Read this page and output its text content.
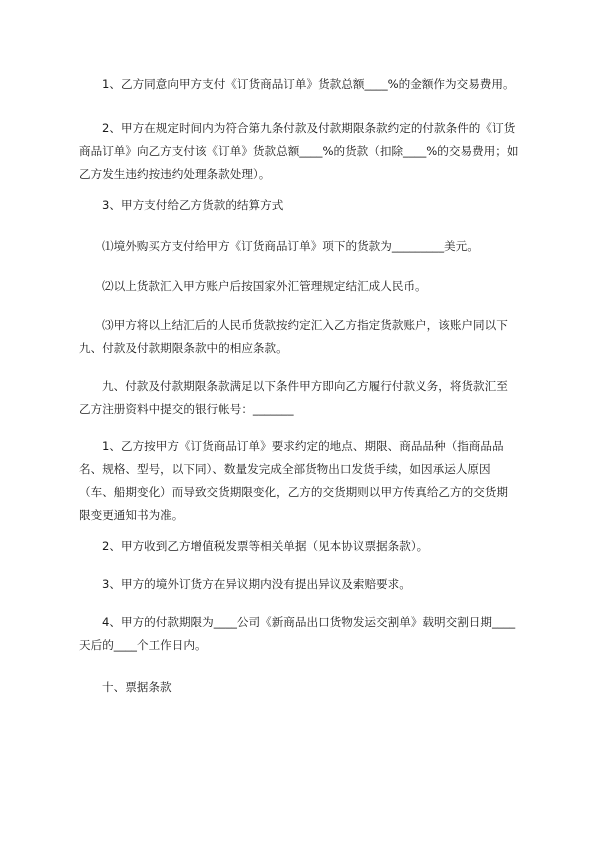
1、乙方同意向甲方支付《订货商品订单》货款总额____%的金额作为交易费用。

2、甲方在规定时间内为符合第九条付款及付款期限条款约定的付款条件的《订货商品订单》向乙方支付该《订单》货款总额____%的货款（扣除____%的交易费用；如乙方发生违约按违约处理条款处理）。

3、甲方支付给乙方货款的结算方式

⑴境外购买方支付给甲方《订货商品订单》项下的货款为_________美元。

⑵以上货款汇入甲方账户后按国家外汇管理规定结汇成人民币。

⑶甲方将以上结汇后的人民币货款按约定汇入乙方指定货款账户，该账户同以下九、付款及付款期限条款中的相应条款。

九、付款及付款期限条款满足以下条件甲方即向乙方履行付款义务，将货款汇至乙方注册资料中提交的银行帐号：_______

1、乙方按甲方《订货商品订单》要求约定的地点、期限、商品品种（指商品品名、规格、型号，以下同）、数量发完成全部货物出口发货手续，如因承运人原因（车、船期变化）而导致交货期限变化，乙方的交货期则以甲方传真给乙方的交货期限变更通知书为准。

2、甲方收到乙方增值税发票等相关单据（见本协议票据条款）。

3、甲方的境外订货方在异议期内没有提出异议及索赔要求。

4、甲方的付款期限为____公司《新商品出口货物发运交割单》载明交割日期____天后的____个工作日内。

十、票据条款
